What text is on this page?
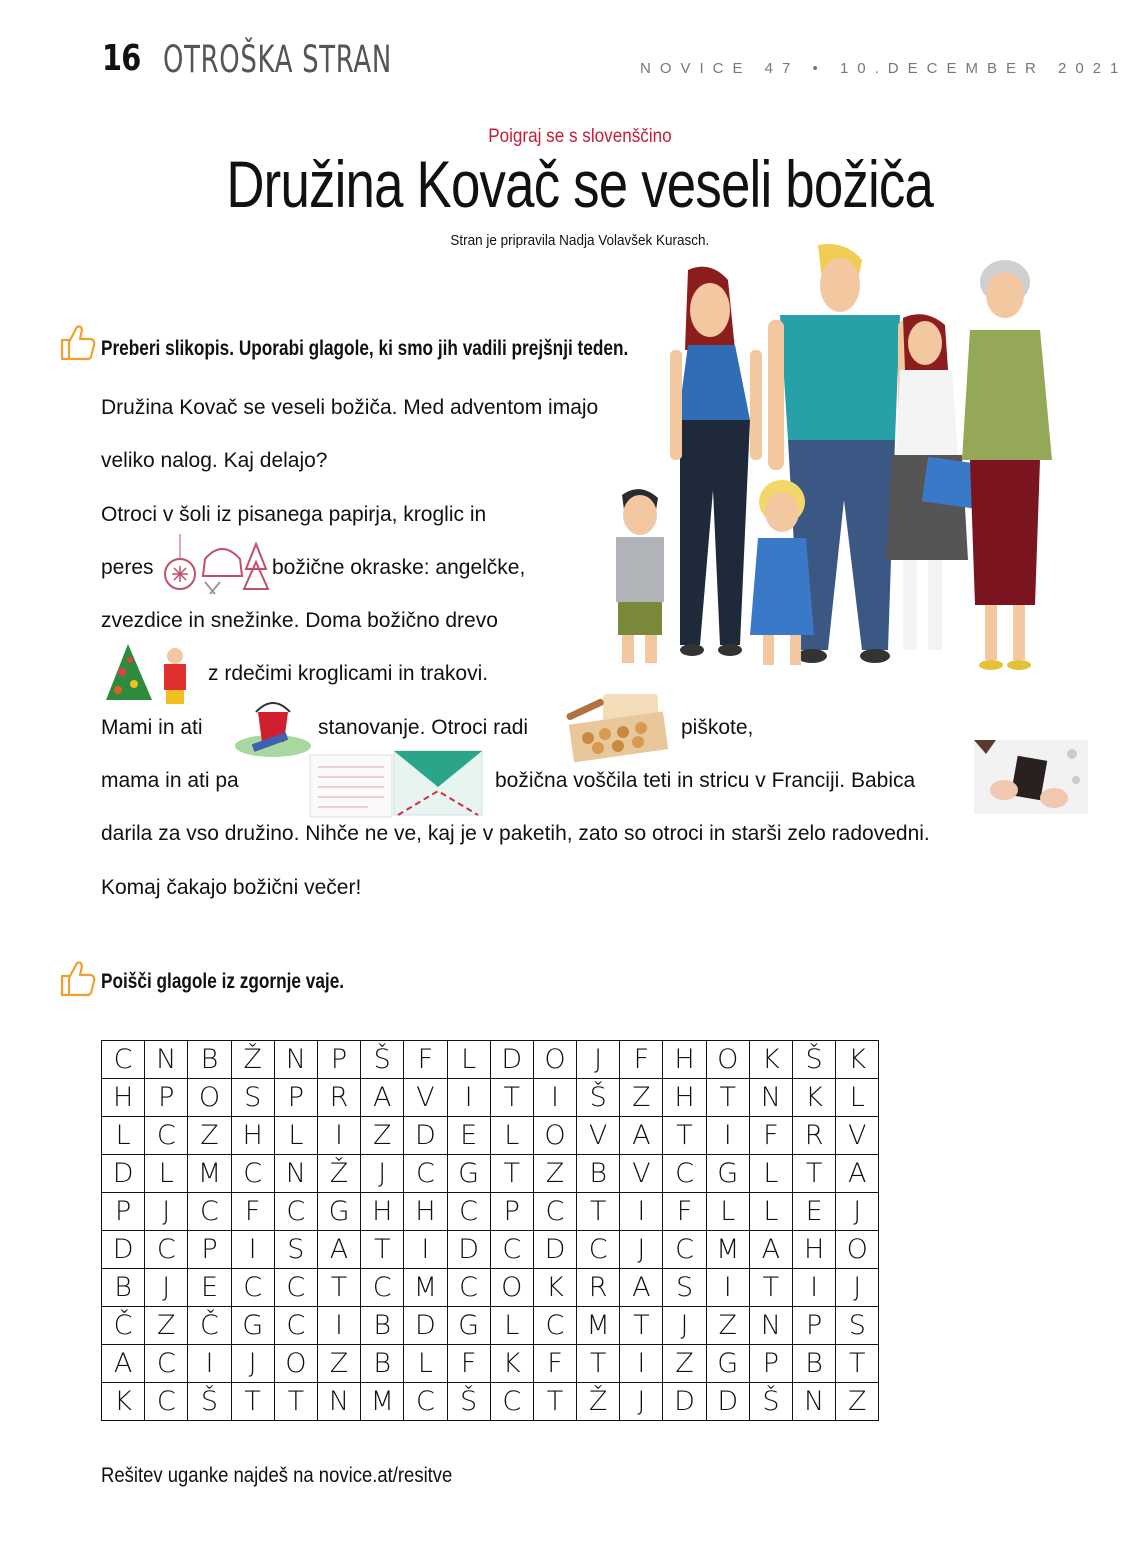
16 OTROŠKA STRAN	NOVICE 47 • 10.DECEMBER 2021
Poigraj se s slovenščino
Družina Kovač se veseli božiča
Stran je pripravila Nadja Volavšek Kurasch.
Preberi slikopis. Uporabi glagole, ki smo jih vadili prejšnji teden.
Družina Kovač se veseli božiča. Med adventom imajo
veliko nalog. Kaj delajo?
Otroci v šoli iz pisanega papirja, kroglic in
peres	božične okraske: angelčke,
zvezdice in snežinke. Doma božično drevo
z rdečimi kroglicami in trakovi.
Mami in ati	stanovanje. Otroci radi	piškote,
mama in ati pa	božična voščila teti in stricu v Franciji. Babica
darila za vso družino. Nihče ne ve, kaj je v paketih, zato so otroci in starši zelo radovedni.
Komaj čakajo božični večer!
Poišči glagole iz zgornje vaje.
C	N	B	Ž	N	P	Š	F	L	D	O	J	F	H	O	K	Š	K
H	P	O	S	P	R	A	V	I	T	I	Š	Z	H	T	N	K	L
L	C	Z	H	L	I	Z	D	E	L	O	V	A	T	I	F	R	V
D	L	M	C	N	Ž	J	C	G	T	Z	B	V	C	G	L	T	A
P	J	C	F	C	G	H	H	C	P	C	T	I	F	L	L	E	J
D	C	P	I	S	A	T	I	D	C	D	C	J	C	M	A	H	O
B	J	E	C	C	T	C	M	C	O	K	R	A	S	I	T	I	J
Č	Z	Č	G	C	I	B	D	G	L	C	M	T	J	Z	N	P	S
A	C	I	J	O	Z	B	L	F	K	F	T	I	Z	G	P	B	T
K	C	Š	T	T	N	M	C	Š	C	T	Ž	J	D	D	Š	N	Z
Rešitev uganke najdeš na novice.at/resitve
